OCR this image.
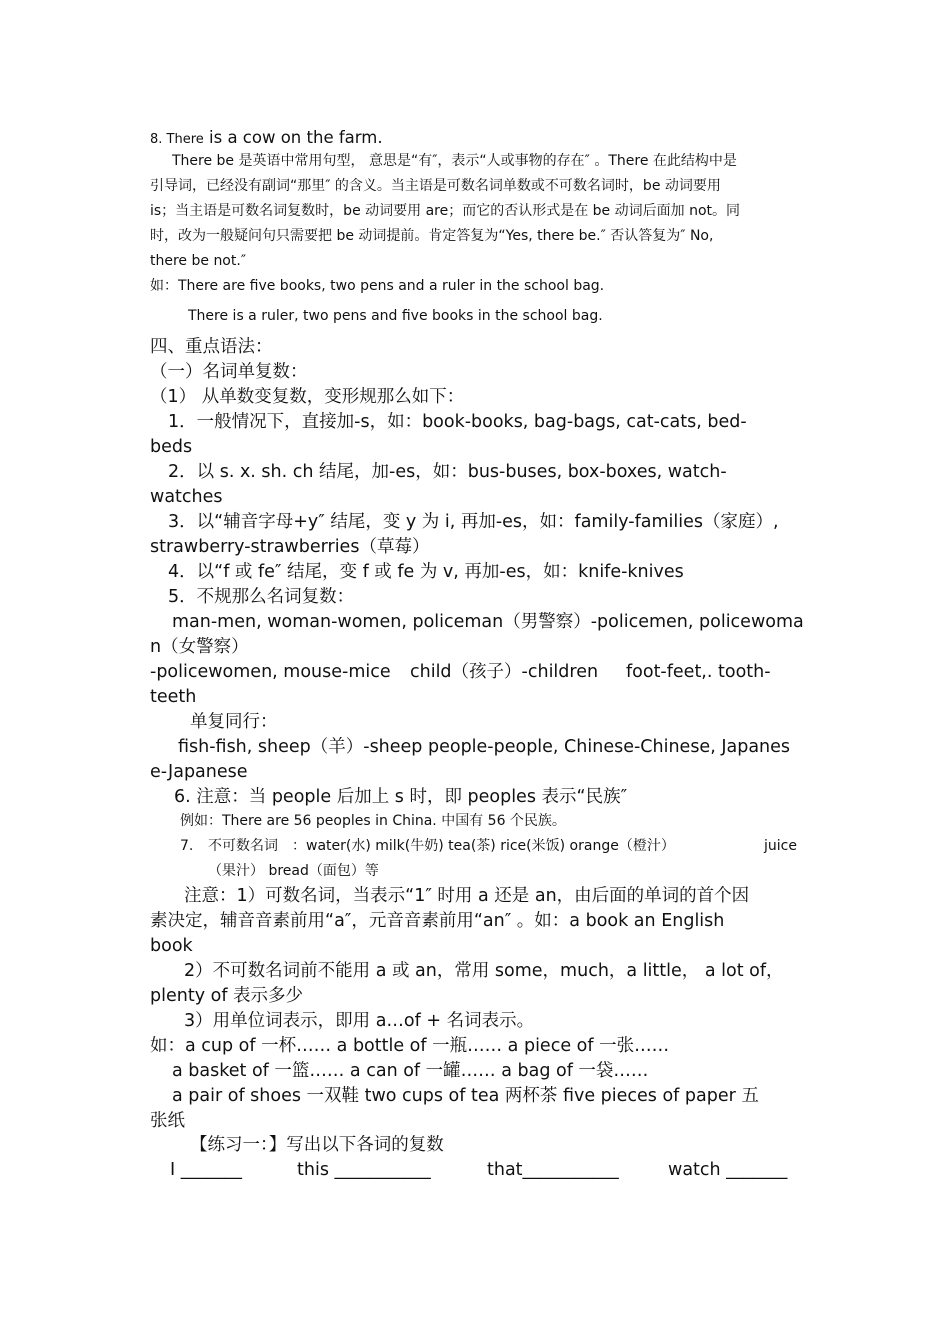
8. There is a cow on the farm.
There be 是英语中常用句型， 意思是“有″，表示“人或事物的存在″ 。There 在此结构中是
引导词，已经没有副词“那里″ 的含义。当主语是可数名词单数或不可数名词时，be 动词要用
is；当主语是可数名词复数时，be 动词要用 are；而它的否认形式是在 be 动词后面加 not。同
时，改为一般疑问句只需要把 be 动词提前。肯定答复为“Yes, there be.″ 否认答复为″ No,
there be not.″
如：There are five books, two pens and a ruler in the school bag.
There is a ruler, two pens and five books in the school bag.
四、重点语法：
（一）名词单复数：
（1） 从单数变复数，变形规那么如下：
1．一般情况下，直接加-s，如：book-books, bag-bags, cat-cats, bed-
beds
2．以 s. x. sh. ch 结尾，加-es，如：bus-buses, box-boxes, watch-
watches
3．以“辅音字母+y″ 结尾，变 y 为 i, 再加-es，如：family-families（家庭）,
strawberry-strawberries（草莓）
4．以“f 或 fe″ 结尾，变 f 或 fe 为 v, 再加-es，如：knife-knives
5．不规那么名词复数：
man-men, woman-women, policeman（男警察）-policemen, policewoma
n（女警察）
-policewomen, mouse-mice child（孩子）-children foot-feet,. tooth-
teeth
单复同行：
fish-fish, sheep（羊）-sheep people-people, Chinese-Chinese, Japanes
e-Japanese
6. 注意：当 people 后加上 s 时，即 peoples 表示“民族″
例如：There are 56 peoples in China. 中国有 56 个民族。
7. 不可数名词　：water(水) milk(牛奶) tea(茶) rice(米饭) orange（橙汁）	juice
（果汁） bread（面包）等
注意：1）可数名词，当表示“1″ 时用 a 还是 an，由后面的单词的首个因
素决定，辅音音素前用“a″，元音音素前用“an″ 。如：a book an English
book
2）不可数名词前不能用 a 或 an，常用 some，much，a little， a lot of，
plenty of 表示多少
3）用单位词表示，即用 a…of + 名词表示。
如：a cup of 一杯…… a bottle of 一瓶…… a piece of 一张……
a basket of 一篮…… a can of 一罐…… a bag of 一袋……
a pair of shoes 一双鞋 two cups of tea 两杯茶 five pieces of paper 五
张纸
【练习一：】写出以下各词的复数
I _______	this ___________	that___________	watch _______
